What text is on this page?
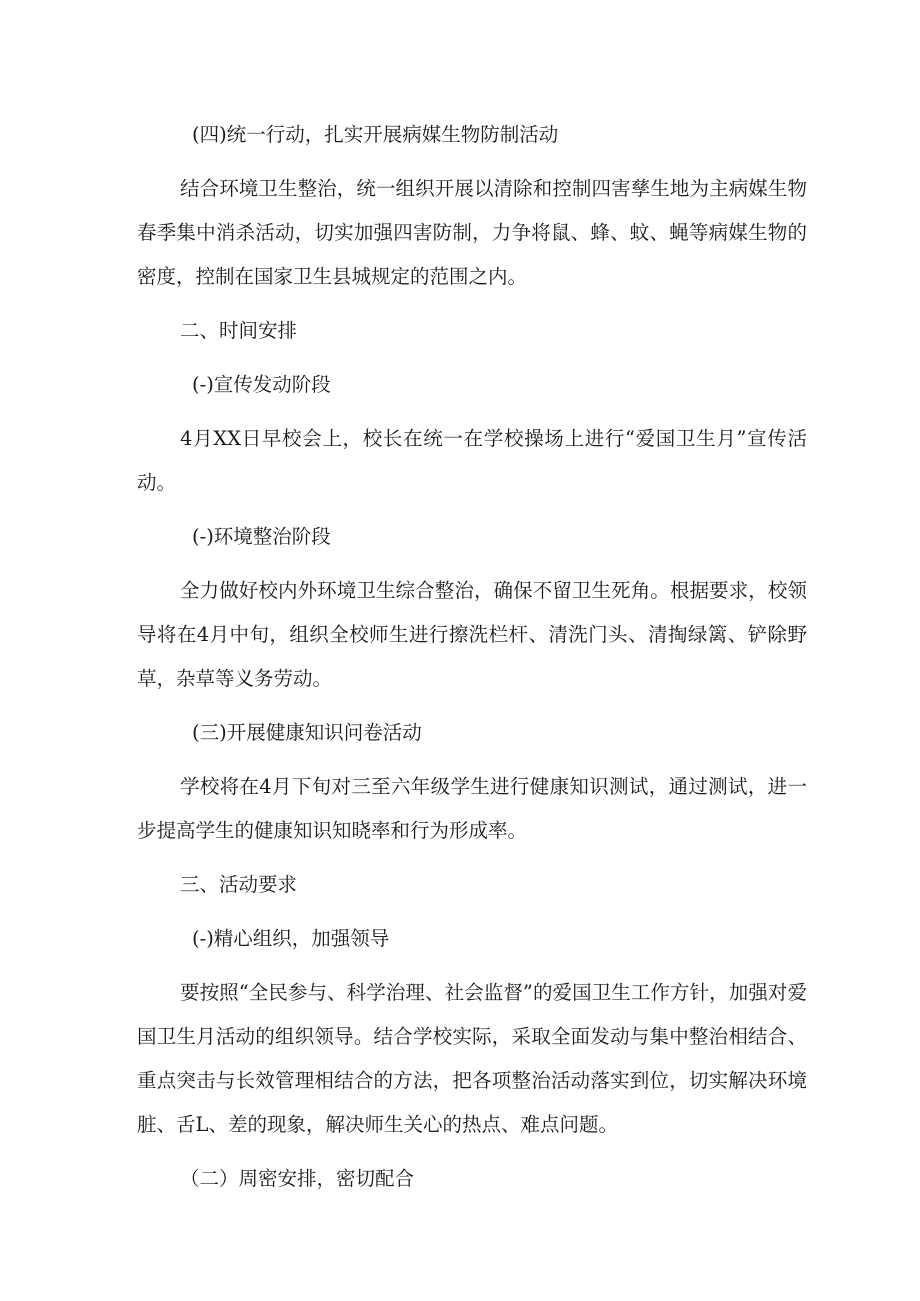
(四)统一行动，扎实开展病媒生物防制活动

结合环境卫生整治，统一组织开展以清除和控制四害孳生地为主病媒生物春季集中消杀活动，切实加强四害防制，力争将鼠、蜂、蚊、蝇等病媒生物的密度，控制在国家卫生县城规定的范围之内。

二、时间安排

(-)宣传发动阶段

4月XX日早校会上，校长在统一在学校操场上进行“爱国卫生月”宣传活动。

(-)环境整治阶段

全力做好校内外环境卫生综合整治，确保不留卫生死角。根据要求，校领导将在4月中旬，组织全校师生进行擦洗栏杆、清洗门头、清掏绿篱、铲除野草，杂草等义务劳动。

(三)开展健康知识问卷活动

学校将在4月下旬对三至六年级学生进行健康知识测试，通过测试，进一步提高学生的健康知识知晓率和行为形成率。

三、活动要求

(-)精心组织，加强领导

要按照“全民参与、科学治理、社会监督”的爱国卫生工作方针，加强对爱国卫生月活动的组织领导。结合学校实际，采取全面发动与集中整治相结合、重点突击与长效管理相结合的方法，把各项整治活动落实到位，切实解决环境脏、舌L、差的现象，解决师生关心的热点、难点问题。

（二）周密安排，密切配合
